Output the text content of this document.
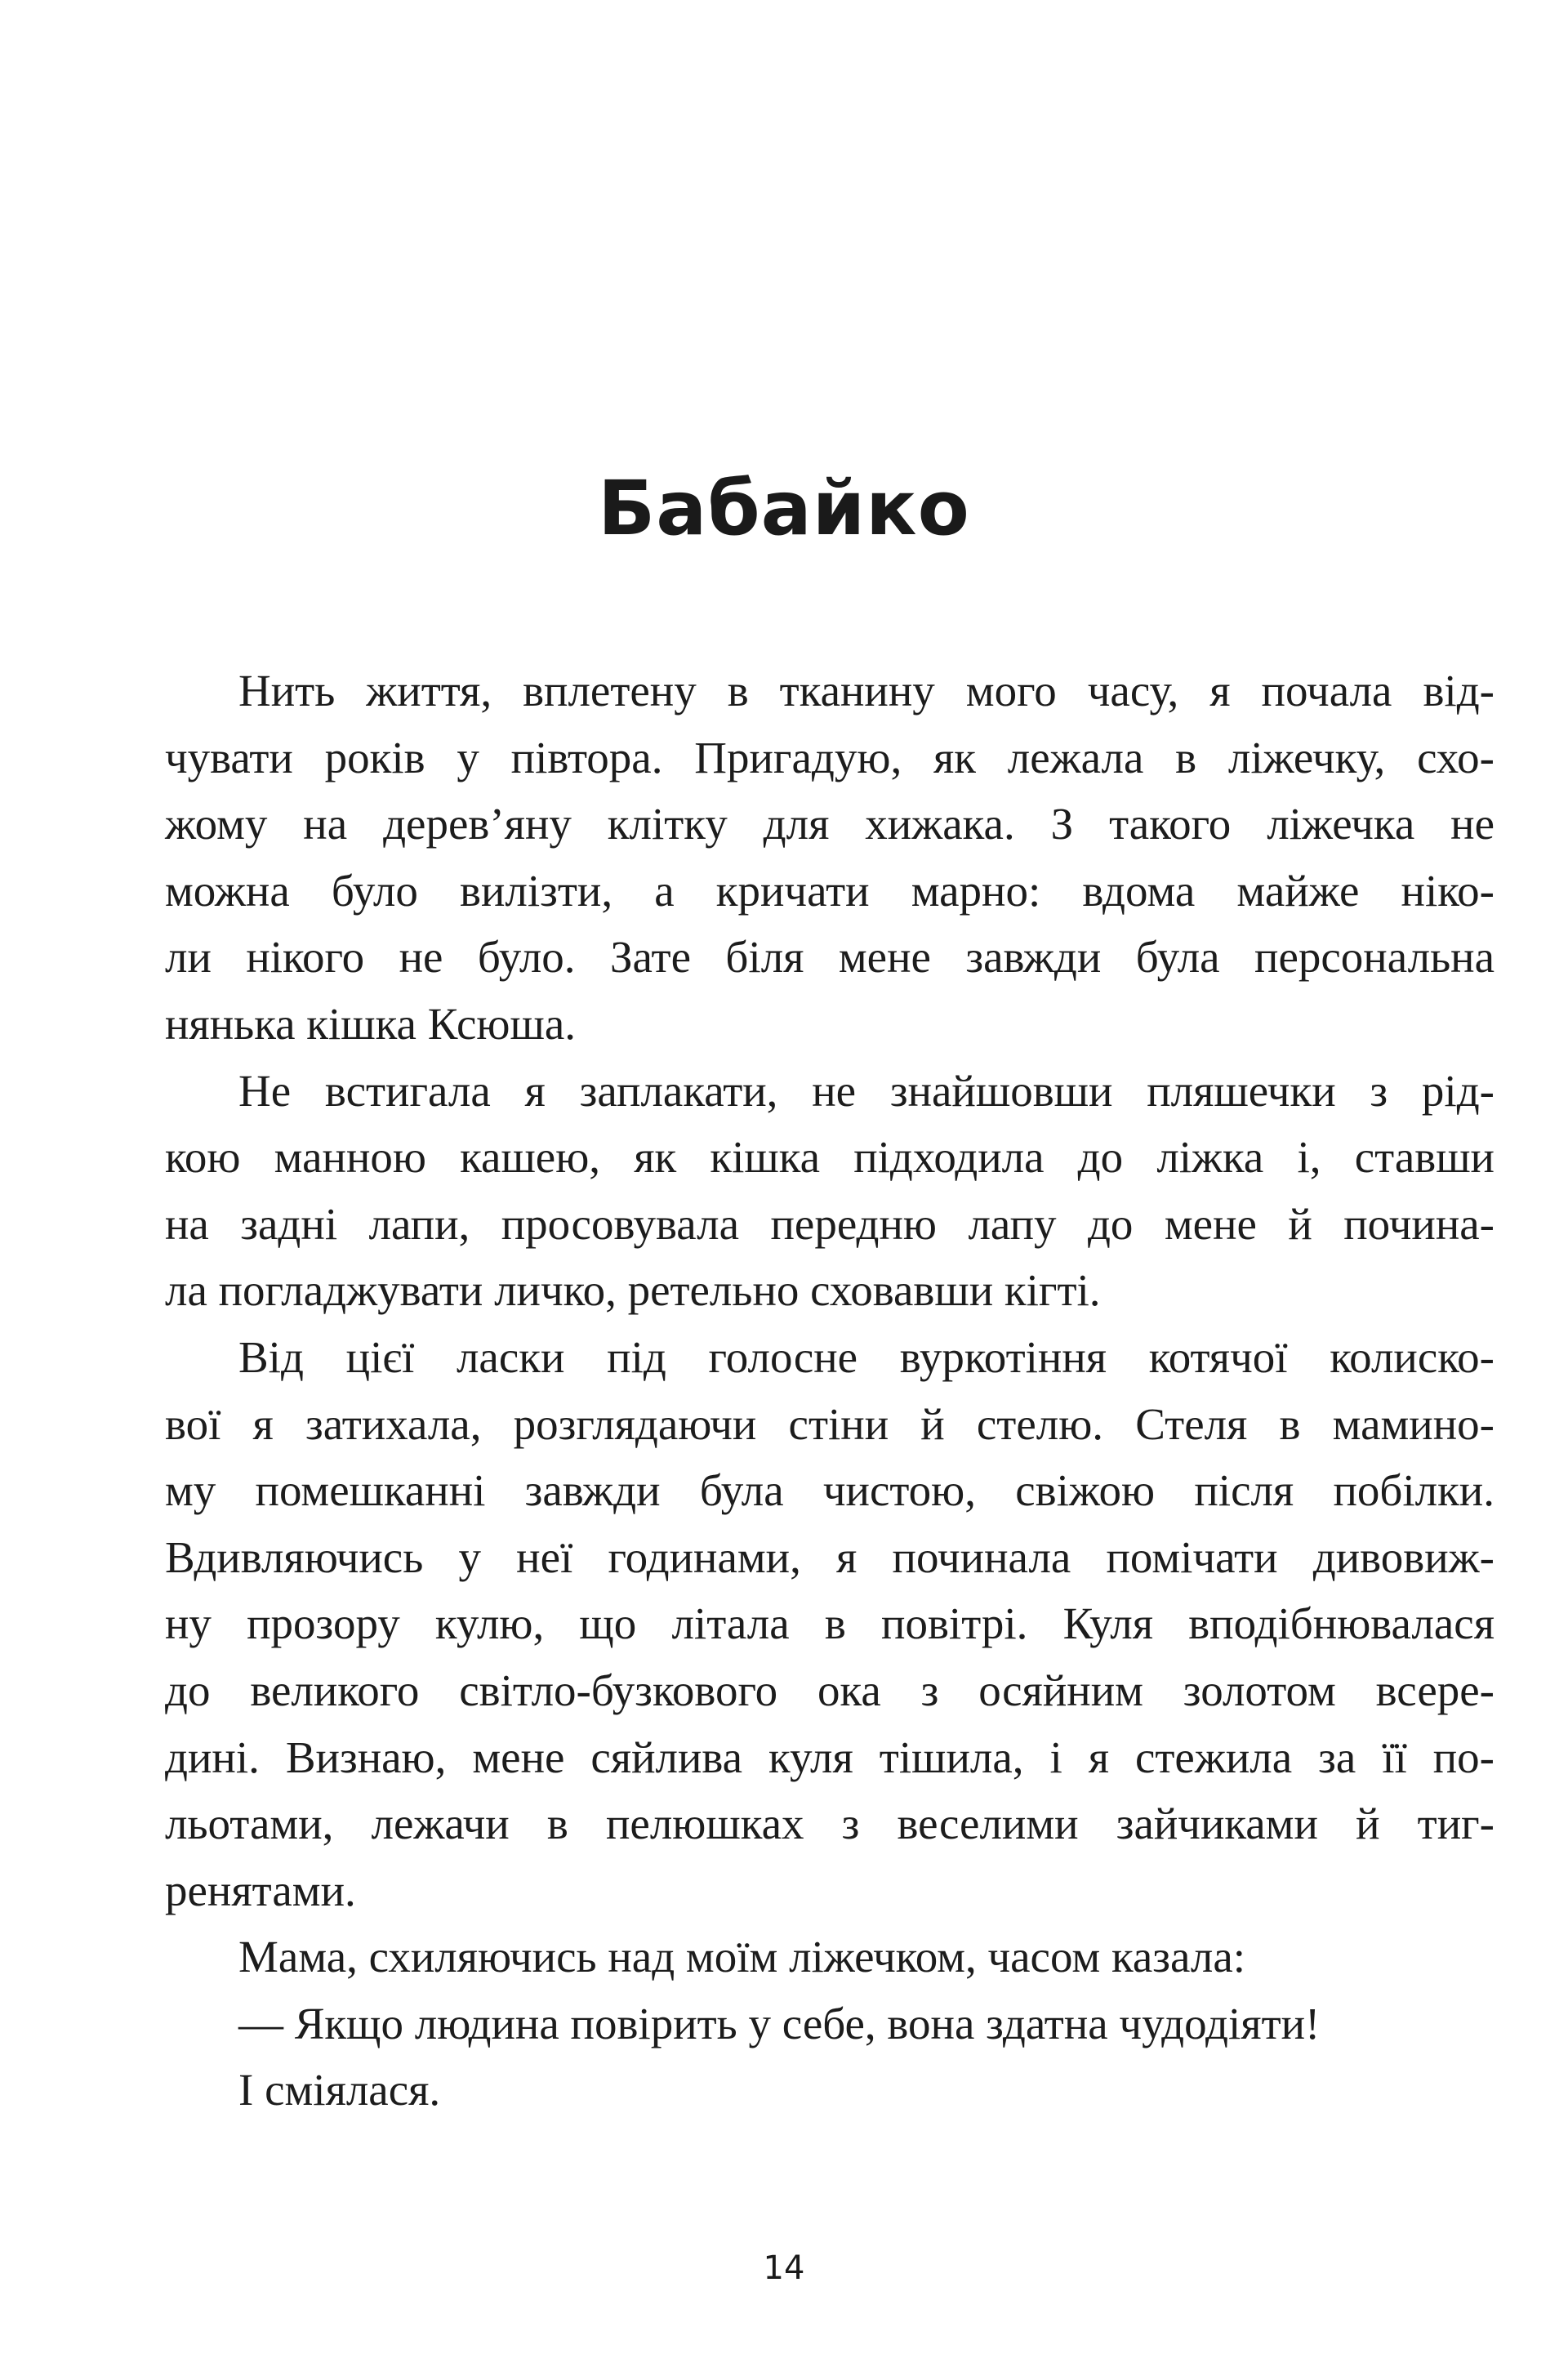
Бабайко
Нить життя, вплетену в тканину мого часу, я почала від-
чувати років у півтора. Пригадую, як лежала в ліжечку, схо-
жому на дерев’яну клітку для хижака. З такого ліжечка не
можна було вилізти, а кричати марно: вдома майже ніко-
ли нікого не було. Зате біля мене завжди була персональна
нянька кішка Ксюша.
Не встигала я заплакати, не знайшовши пляшечки з рід-
кою манною кашею, як кішка підходила до ліжка і, ставши
на задні лапи, просовувала передню лапу до мене й почина-
ла погладжувати личко, ретельно сховавши кігті.
Від цієї ласки під голосне вуркотіння котячої колиско-
вої я затихала, розглядаючи стіни й стелю. Стеля в мамино-
му помешканні завжди була чистою, свіжою після побілки.
Вдивляючись у неї годинами, я починала помічати дивовиж-
ну прозору кулю, що літала в повітрі. Куля вподібнювалася
до великого світло-бузкового ока з осяйним золотом всере-
дині. Визнаю, мене сяйлива куля тішила, і я стежила за її по-
льотами, лежачи в пелюшках з веселими зайчиками й тиг-
ренятами.
Мама, схиляючись над моїм ліжечком, часом казала:
— Якщо людина повірить у себе, вона здатна чудодіяти!
І сміялася.
14
